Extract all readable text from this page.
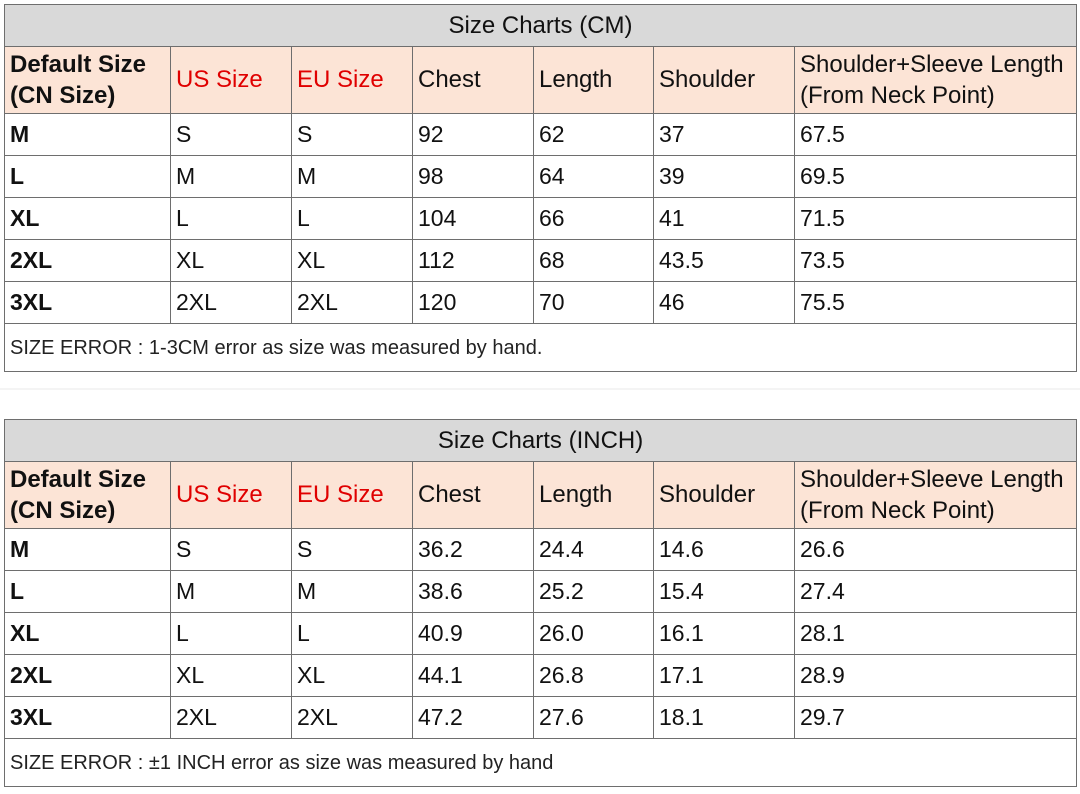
Size Charts (CM)						

Default Size
(CN Size)	US Size	EU Size	Chest	Length	Shoulder	Shoulder+Sleeve Length
(From Neck Point)

M	S	S	92	62	37	67.5
L	M	M	98	64	39	69.5
XL	L	L	104	66	41	71.5
2XL	XL	XL	112	68	43.5	73.5
3XL	2XL	2XL	120	70	46	75.5
SIZE ERROR : 1-3CM error as size was measured by hand.						
Size Charts (INCH)						

Default Size
(CN Size)	US Size	EU Size	Chest	Length	Shoulder	Shoulder+Sleeve Length
(From Neck Point)

M	S	S	36.2	24.4	14.6	26.6
L	M	M	38.6	25.2	15.4	27.4
XL	L	L	40.9	26.0	16.1	28.1
2XL	XL	XL	44.1	26.8	17.1	28.9
3XL	2XL	2XL	47.2	27.6	18.1	29.7
SIZE ERROR : ±1 INCH error as size was measured by hand						
